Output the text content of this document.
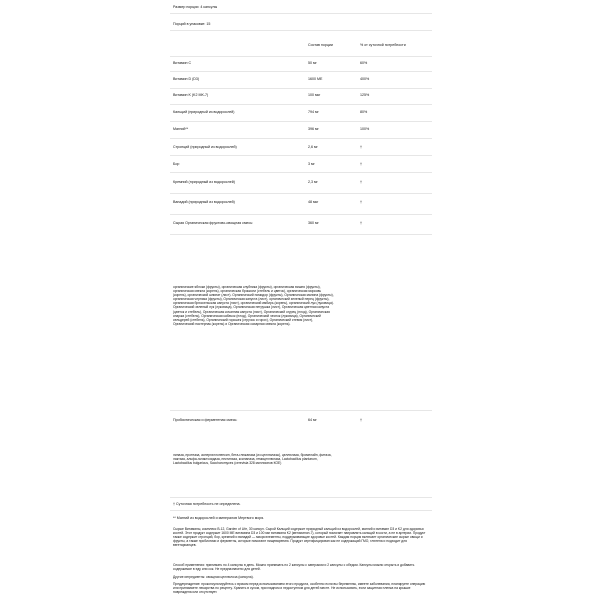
Размер порции: 4 капсулы
Порций в упаковке: 15
Состав порции	% от суточной потребности
Витамин C	50 мг	60%
Витамин D (D3)	1600 МЕ	400%
Витамин K (K2 MK-7)	100 мкг	125%
Кальций (природный из водорослей)	794 мг	80%
Магний**	396 мг	100%
Стронций (природный из водорослей)	2,6 мг	†
Бор	3 мг	†
Кремний (природный из водорослей)	2,3 мг	†
Ванадий (природный из водорослей)	48 мкг	†
Сырая Органическая фруктово-овощная смесь:	360 мг	†
органические яблоки (фрукты), органическая клубника (фрукты), органическая вишня (фрукты), органическая свекла (корень), органическая брокколи (стебель и цветок), органическая морковь (корень), органический шпинат (лист). Органический помидор (фрукты), Органическая малина (фрукты), органическая черника (фрукты), Органическая капуста (лист), органический зеленый перец (фрукты), органическая брюссельская капуста (лист), органический имбирь (корень), органический лук (луковица). Органический зеленый лук (луковица), Органическая петрушка (лист), Органическая цветная капуста (цветок и стебель), Органическая кочанная капуста (лист), Органический огурец (плод), Органическая спаржа (стебель), Органическая кабачок (плод), Органический чеснок (луковица), Органический сельдерей (стебель), Органический горошек (стручок и горох), Органический стевия (лист), Органический пастернак (корень) и Органическая сахарная свекла (корень).
Пробиотическая и ферментная смесь:	64 мг	†
липаза, протеаза, аспергиллопепсин, бета-глюканаза (из целлюлазы), целлюлаза, бромелайн, фитаза, лактаза, альфа-галактозидаза, пектиназа, ксиланаза, гемицеллюлаза, Lactobacillus plantarum, Lactobacillus bulgaricus, Saccharomyces (cerevisia 328 миллионов КОЕ)
† Суточная потребность не определена.
** Магний из водорослей и минералов Мертвого моря.
Сырые Витамины, комплекс В-12, Garden of Life, 30 капсул. Сырой Кальций содержит природный кальций из водорослей, магний и витамин D3 и K2 для здоровья костей. Этот продукт содержит 1600 МЕ витамина D3 и 100 мкг витамина K2 (менахинон-7), который помогает направлять кальций в кости, а не в артерии. Продукт также содержит стронций, бор, кремний и ванадий — микроэлементы, поддерживающие здоровье костей. Каждая порция включает органические сырые овощи и фрукты, а также пробиотики и ферменты, которые помогают пищеварению. Продукт сертифицирован как не содержащий ГМО, глютена и подходит для вегетарианцев.
Способ применения: принимать по 4 капсулы в день. Можно принимать по 2 капсулы с завтраком и 2 капсулы с обедом. Капсулы можно открыть и добавить содержимое в еду или сок. Не предназначено для детей.
Другие ингредиенты: овощная целлюлоза (капсула).
Предупреждение: проконсультируйтесь с врачом перед использованием этого продукта, особенно если вы беременны, имеете заболевания, планируете операцию или принимаете лекарства по рецепту. Хранить в сухом, прохладном и недоступном для детей месте. Не использовать, если защитная пленка на крышке повреждена или отсутствует.
